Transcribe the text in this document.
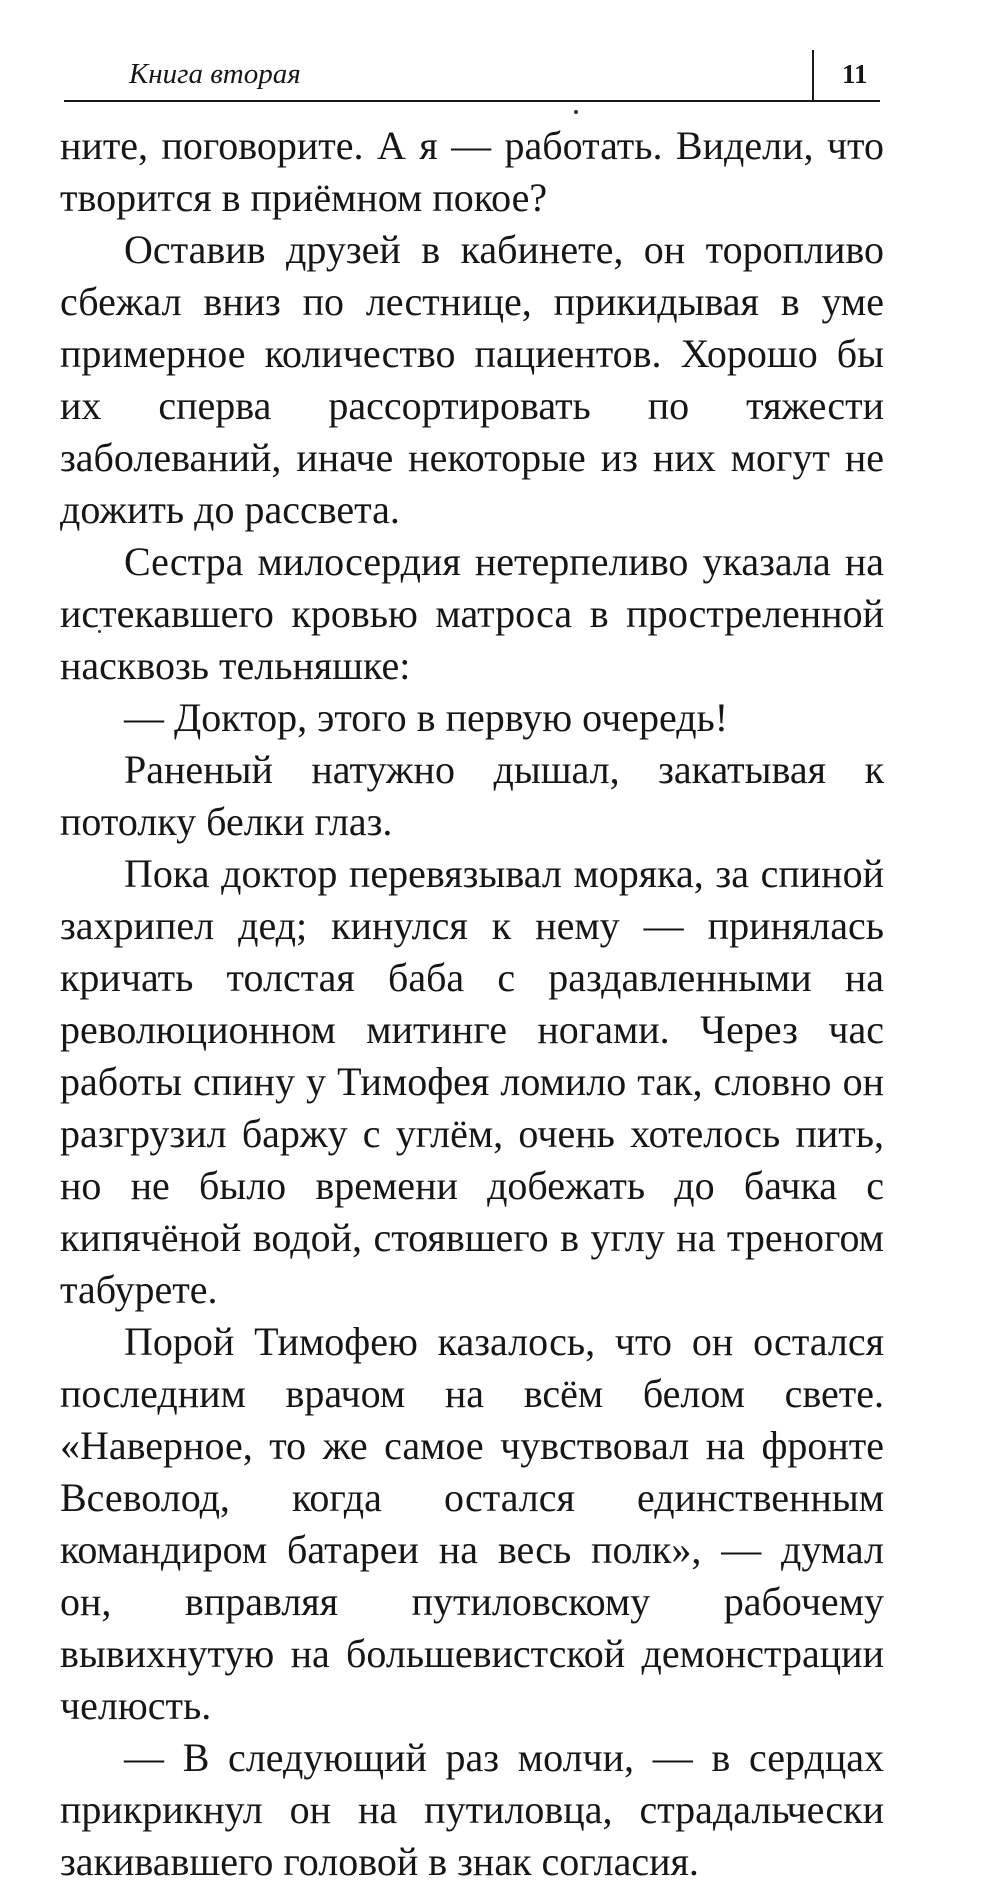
Книга вторая	11

ните, поговорите. А я — работать. Видели, что творится в приёмном покое?

Оставив друзей в кабинете, он торопливо сбежал вниз по лестнице, прикидывая в уме примерное количество пациентов. Хорошо бы их сперва рассортировать по тяжести заболеваний, иначе некоторые из них могут не дожить до рассвета.

Сестра милосердия нетерпеливо указала на истекавшего кровью матроса в простреленной насквозь тельняшке:

— Доктор, этого в первую очередь!

Раненый натужно дышал, закатывая к потолку белки глаз.

Пока доктор перевязывал моряка, за спиной захрипел дед; кинулся к нему — принялась кричать толстая баба с раздавленными на революционном митинге ногами. Через час работы спину у Тимофея ломило так, словно он разгрузил баржу с углём, очень хотелось пить, но не было времени добежать до бачка с кипячёной водой, стоявшего в углу на треногом табурете.

Порой Тимофею казалось, что он остался последним врачом на всём белом свете. «Наверное, то же самое чувствовал на фронте Всеволод, когда остался единственным командиром батареи на весь полк», — думал он, вправляя путиловскому рабочему вывихнутую на большевистской демонстрации челюсть.

— В следующий раз молчи, — в сердцах прикрикнул он на путиловца, страдальчески закивавшего головой в знак согласия.
